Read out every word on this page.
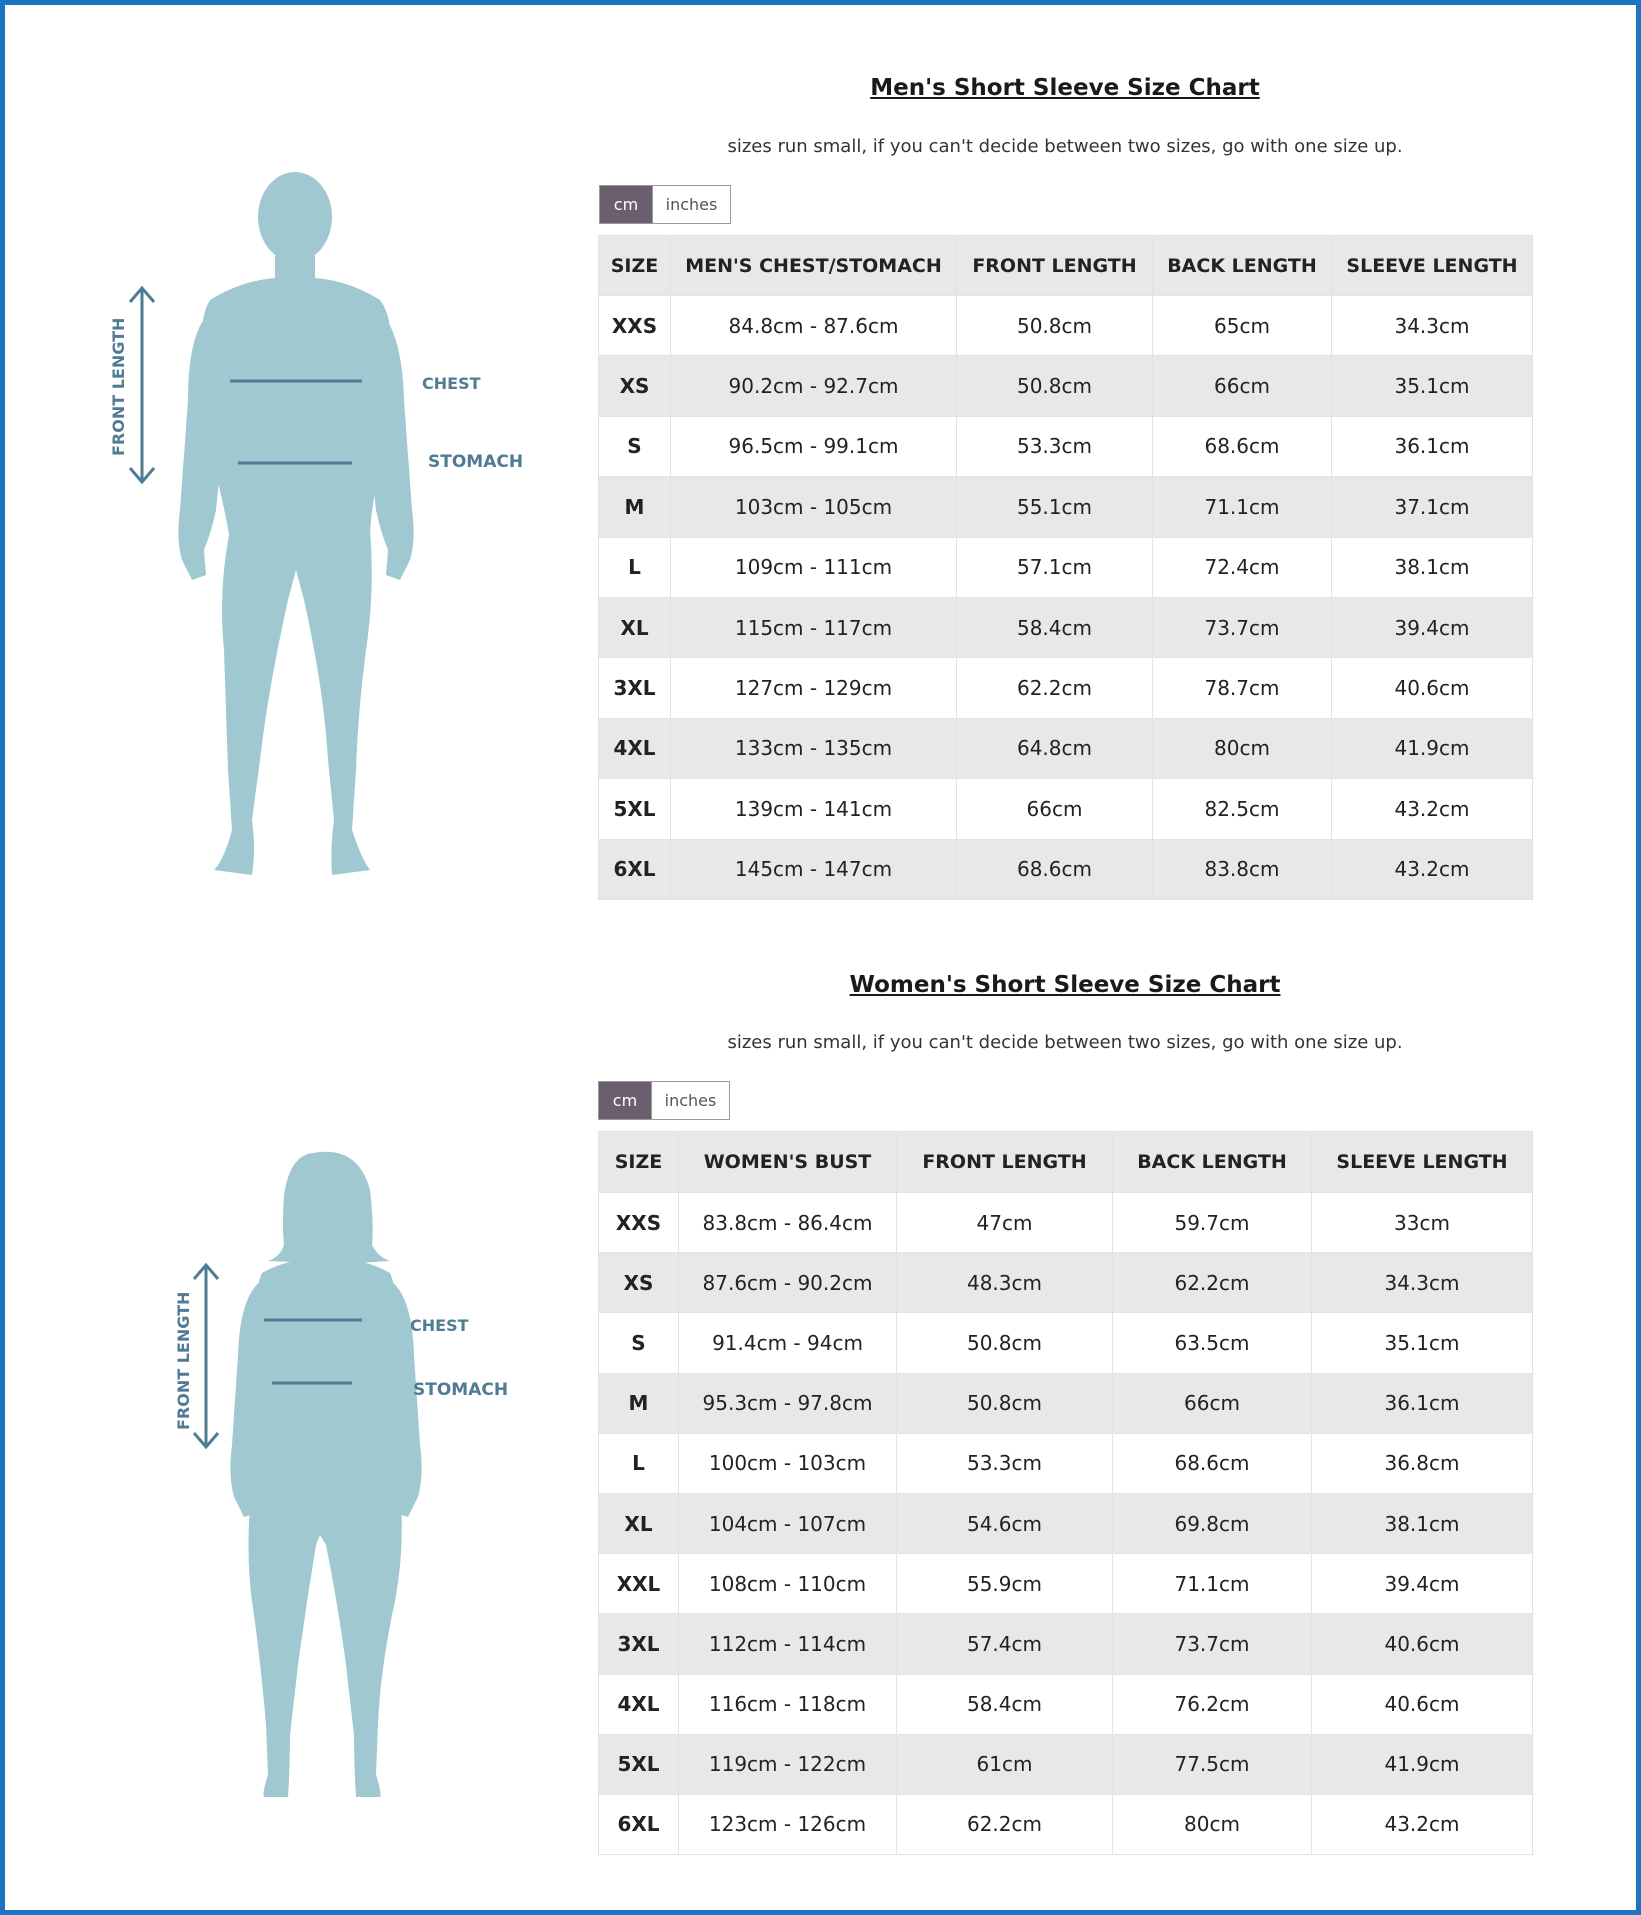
FRONT LENGTH	CHEST
STOMACH
Men's Short Sleeve Size Chart
sizes run small, if you can't decide between two sizes, go with one size up.
cm	inches
SIZE	MEN'S CHEST/STOMACH	FRONT LENGTH	BACK LENGTH	SLEEVE LENGTH
XXS	84.8cm - 87.6cm	50.8cm	65cm	34.3cm
XS	90.2cm - 92.7cm	50.8cm	66cm	35.1cm
S	96.5cm - 99.1cm	53.3cm	68.6cm	36.1cm
M	103cm - 105cm	55.1cm	71.1cm	37.1cm
L	109cm - 111cm	57.1cm	72.4cm	38.1cm
XL	115cm - 117cm	58.4cm	73.7cm	39.4cm
3XL	127cm - 129cm	62.2cm	78.7cm	40.6cm
4XL	133cm - 135cm	64.8cm	80cm	41.9cm
5XL	139cm - 141cm	66cm	82.5cm	43.2cm
6XL	145cm - 147cm	68.6cm	83.8cm	43.2cm
FRONT LENGTH	CHEST
STOMACH
Women's Short Sleeve Size Chart
sizes run small, if you can't decide between two sizes, go with one size up.
cm	inches
SIZE	WOMEN'S BUST	FRONT LENGTH	BACK LENGTH	SLEEVE LENGTH
XXS	83.8cm - 86.4cm	47cm	59.7cm	33cm
XS	87.6cm - 90.2cm	48.3cm	62.2cm	34.3cm
S	91.4cm - 94cm	50.8cm	63.5cm	35.1cm
M	95.3cm - 97.8cm	50.8cm	66cm	36.1cm
L	100cm - 103cm	53.3cm	68.6cm	36.8cm
XL	104cm - 107cm	54.6cm	69.8cm	38.1cm
XXL	108cm - 110cm	55.9cm	71.1cm	39.4cm
3XL	112cm - 114cm	57.4cm	73.7cm	40.6cm
4XL	116cm - 118cm	58.4cm	76.2cm	40.6cm
5XL	119cm - 122cm	61cm	77.5cm	41.9cm
6XL	123cm - 126cm	62.2cm	80cm	43.2cm
